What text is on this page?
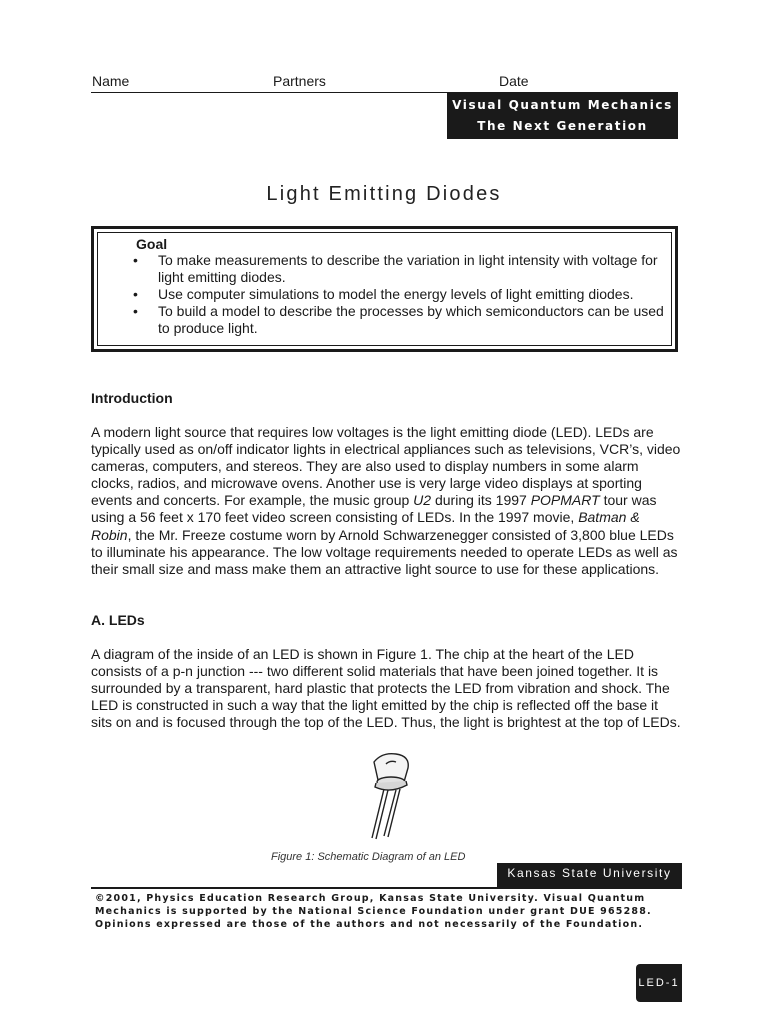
Name	Partners	Date
Visual Quantum Mechanics
The Next Generation
Light Emitting Diodes
Goal
• To make measurements to describe the variation in light intensity with voltage for light emitting diodes.
• Use computer simulations to model the energy levels of light emitting diodes.
• To build a model to describe the processes by which semiconductors can be used to produce light.
Introduction

A modern light source that requires low voltages is the light emitting diode (LED). LEDs are typically used as on/off indicator lights in electrical appliances such as televisions, VCR’s, video cameras, computers, and stereos. They are also used to display numbers in some alarm clocks, radios, and microwave ovens. Another use is very large video displays at sporting events and concerts. For example, the music group U2 during its 1997 POPMART tour was using a 56 feet x 170 feet video screen consisting of LEDs. In the 1997 movie, Batman & Robin, the Mr. Freeze costume worn by Arnold Schwarzenegger consisted of 3,800 blue LEDs to illuminate his appearance. The low voltage requirements needed to operate LEDs as well as their small size and mass make them an attractive light source to use for these applications.

A. LEDs

A diagram of the inside of an LED is shown in Figure 1. The chip at the heart of the LED consists of a p-n junction --- two different solid materials that have been joined together. It is surrounded by a transparent, hard plastic that protects the LED from vibration and shock. The LED is constructed in such a way that the light emitted by the chip is reflected off the base it sits on and is focused through the top of the LED. Thus, the light is brightest at the top of LEDs.

Figure 1: Schematic Diagram of an LED
Kansas State University

©2001, Physics Education Research Group, Kansas State University. Visual Quantum Mechanics is supported by the National Science Foundation under grant DUE 965288. Opinions expressed are those of the authors and not necessarily of the Foundation.

LED-1
